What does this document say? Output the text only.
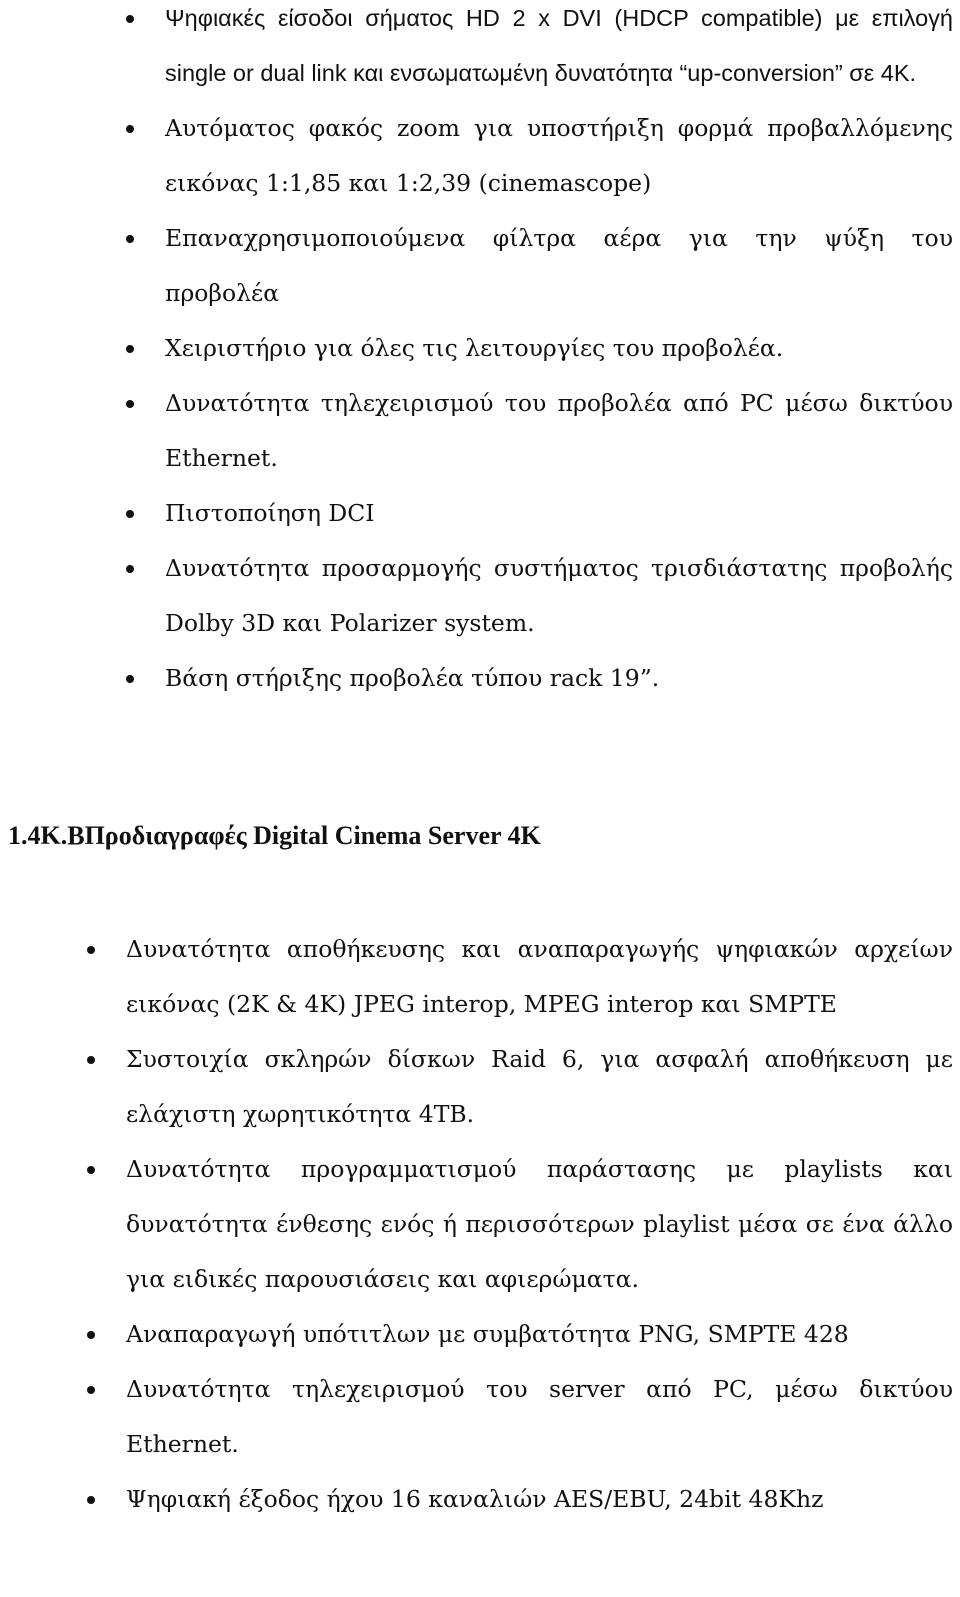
Ψηφιακές είσοδοι σήματος HD 2 x DVI (HDCP compatible) με επιλογή single or dual link και ενσωματωμένη δυνατότητα “up-conversion” σε 4K.
Αυτόματος φακός zoom για υποστήριξη φορμά προβαλλόμενης εικόνας 1:1,85 και 1:2,39 (cinemascope)
Επαναχρησιμοποιούμενα φίλτρα αέρα για την ψύξη του προβολέα
Χειριστήριο για όλες τις λειτουργίες του προβολέα.
Δυνατότητα τηλεχειρισμού του προβολέα από PC μέσω δικτύου Ethernet.
Πιστοποίηση DCI
Δυνατότητα προσαρμογής συστήματος τρισδιάστατης προβολής Dolby 3D και Polarizer system.
Βάση στήριξης προβολέα τύπου rack 19”.
1.4Κ.ΒΠροδιαγραφές Digital Cinema Server 4K
Δυνατότητα αποθήκευσης και αναπαραγωγής ψηφιακών αρχείων εικόνας (2K & 4K) JPEG interop, MPEG interop και SMPTE
Συστοιχία σκληρών δίσκων Raid 6, για ασφαλή αποθήκευση με ελάχιστη χωρητικότητα 4TB.
Δυνατότητα προγραμματισμού παράστασης με playlists και δυνατότητα ένθεσης ενός ή περισσότερων playlist μέσα σε ένα άλλο για ειδικές παρουσιάσεις και αφιερώματα.
Αναπαραγωγή υπότιτλων με συμβατότητα PNG, SMPTE 428
Δυνατότητα τηλεχειρισμού του server από PC, μέσω δικτύου Ethernet.
Ψηφιακή έξοδος ήχου 16 καναλιών AES/EBU, 24bit 48Khz
